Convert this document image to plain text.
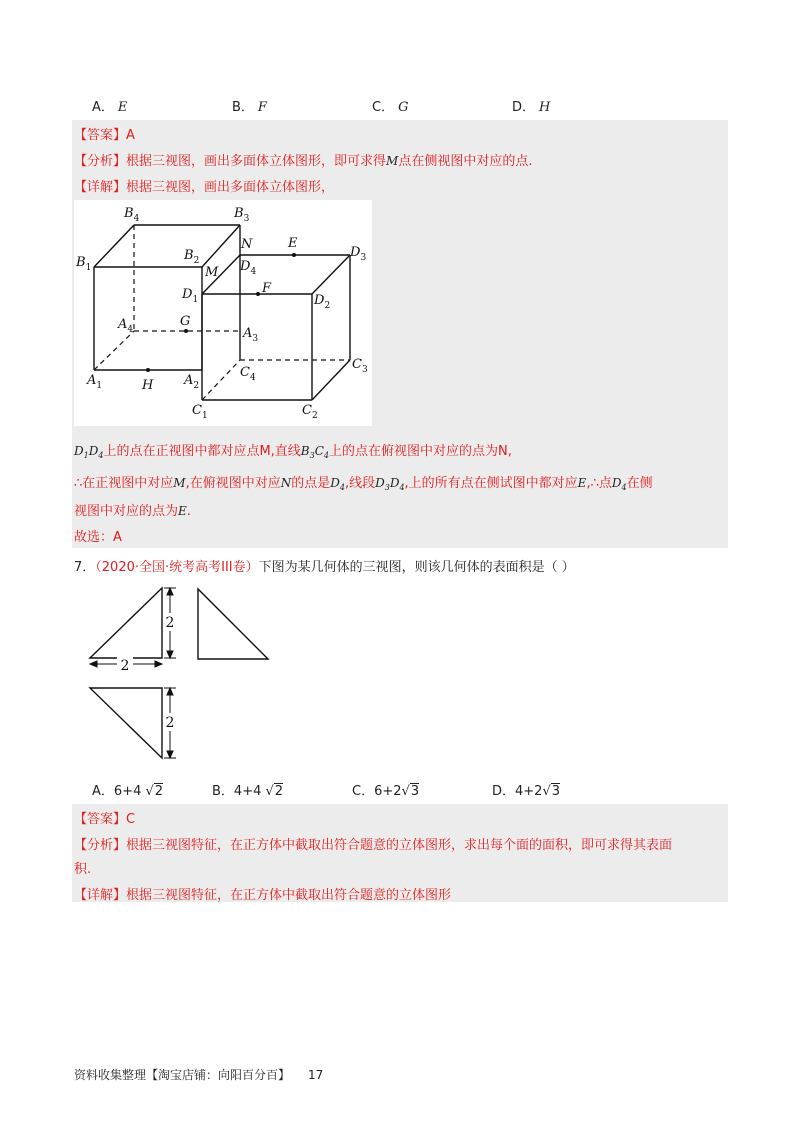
A． E	B． F	C． G	D． H
【答案】A
【分析】根据三视图，画出多面体立体图形，即可求得M点在侧视图中对应的点.
【详解】根据三视图，画出多面体立体图形，
$B_4$	$B_3$
$B_1$
$B_2$
N	E
$D_3$
M $D_4$
$D_1$
F
$D_2$
$A_4$
G
$A_3$
$C_4$
$C_3$
$A_1$	H $A_2$
$C_1$	$C_2$
$D_1D_4$上的点在正视图中都对应点M,直线$B_3C_4$上的点在俯视图中对应的点为N,
∴在正视图中对应M,在俯视图中对应N的点是$D_4$,线段$D_3D_4$,上的所有点在侧试图中都对应E,∴点$D_4$在侧
视图中对应的点为E.
故选：A
7．（2020·全国·统考高考III卷）下图为某几何体的三视图，则该几何体的表面积是（ ）
2
2
2
A．6+4 √2	B．4+4 √2	C．6+2√3	D．4+2√3
【答案】C
【分析】根据三视图特征，在正方体中截取出符合题意的立体图形，求出每个面的面积，即可求得其表面
积.
【详解】根据三视图特征，在正方体中截取出符合题意的立体图形
资料收集整理【淘宝店铺：向阳百分百】 17
